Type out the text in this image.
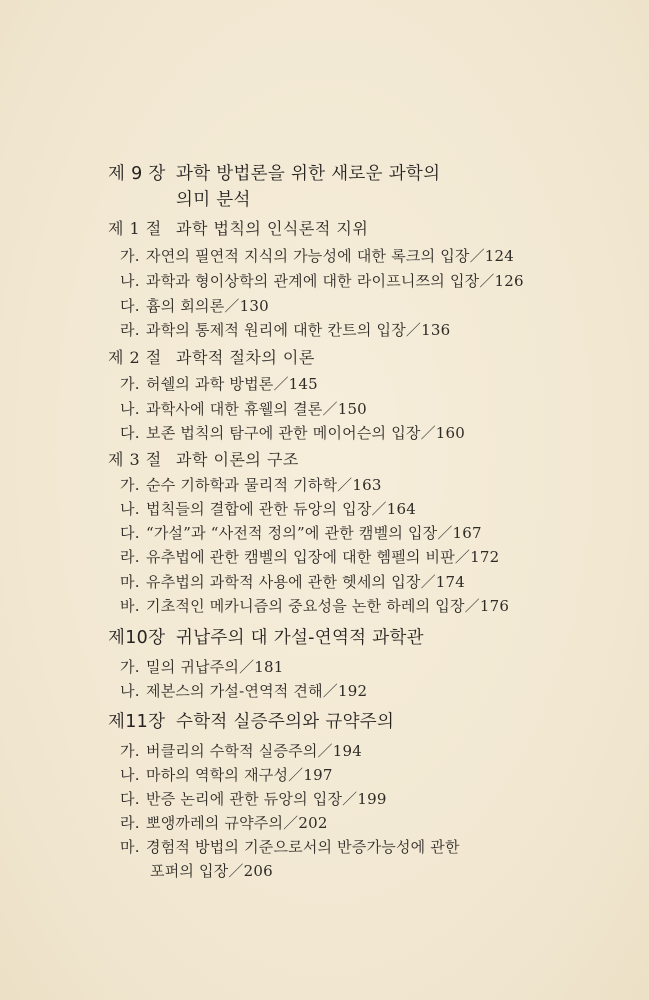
제 9 장 과학 방법론을 위한 새로운 과학의
의미 분석
제 1 절 과학 법칙의 인식론적 지위
가. 자연의 필연적 지식의 가능성에 대한 록크의 입장／124
나. 과학과 형이상학의 관계에 대한 라이프니쯔의 입장／126
다. 흄의 회의론／130
라. 과학의 통제적 원리에 대한 칸트의 입장／136
제 2 절 과학적 절차의 이론
가. 허쉘의 과학 방법론／145
나. 과학사에 대한 휴웰의 결론／150
다. 보존 법칙의 탐구에 관한 메이어슨의 입장／160
제 3 절 과학 이론의 구조
가. 순수 기하학과 물리적 기하학／163
나. 법칙들의 결합에 관한 듀앙의 입장／164
다. “가설”과 “사전적 정의”에 관한 캠벨의 입장／167
라. 유추법에 관한 캠벨의 입장에 대한 헴펠의 비판／172
마. 유추법의 과학적 사용에 관한 헷세의 입장／174
바. 기초적인 메카니즘의 중요성을 논한 하레의 입장／176
제10장 귀납주의 대 가설-연역적 과학관
가. 밀의 귀납주의／181
나. 제본스의 가설-연역적 견해／192
제11장 수학적 실증주의와 규약주의
가. 버클리의 수학적 실증주의／194
나. 마하의 역학의 재구성／197
다. 반증 논리에 관한 듀앙의 입장／199
라. 뽀앵까레의 규약주의／202
마. 경험적 방법의 기준으로서의 반증가능성에 관한
포퍼의 입장／206
